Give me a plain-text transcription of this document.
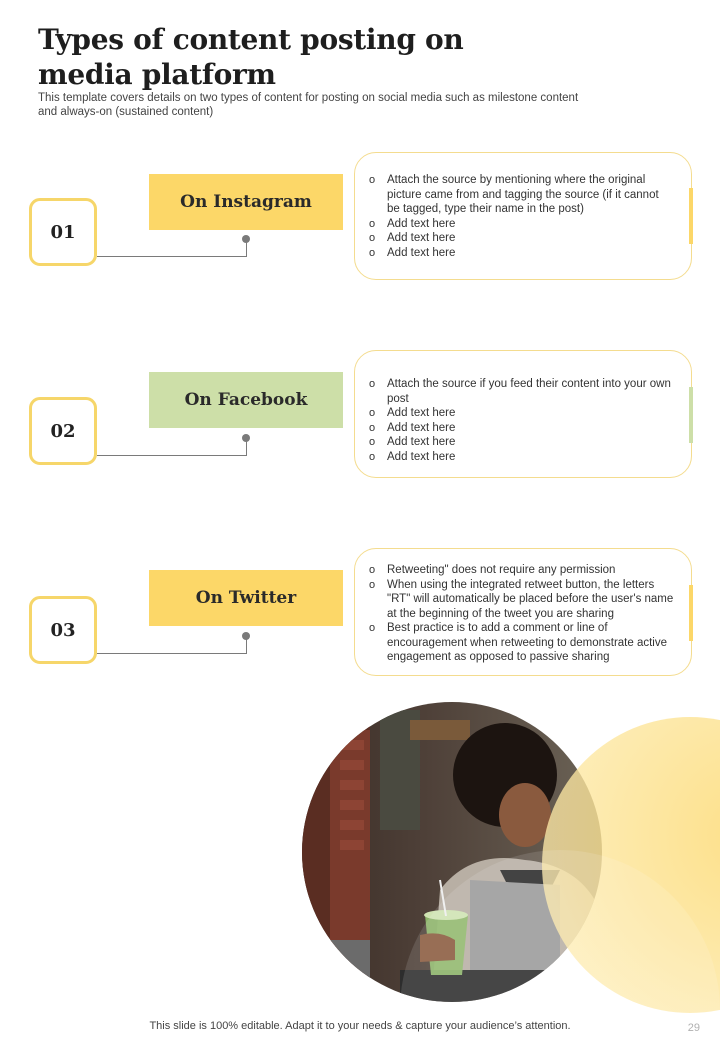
Types of content posting on media platform

This template covers details on two types of content for posting on social media such as milestone content and always-on (sustained content)

01
On Instagram
o Attach the source by mentioning where the original picture came from and tagging the source (if it cannot be tagged, type their name in the post)
o Add text here
o Add text here
o Add text here
02
On Facebook
o Attach the source if you feed their content into your own post
o Add text here
o Add text here
o Add text here
o Add text here
03
On Twitter
o Retweeting" does not require any permission
o When using the integrated retweet button, the letters "RT" will automatically be placed before the user's name at the beginning of the tweet you are sharing
o Best practice is to add a comment or line of encouragement when retweeting to demonstrate active engagement as opposed to passive sharing
This slide is 100% editable. Adapt it to your needs & capture your audience’s attention.	29
